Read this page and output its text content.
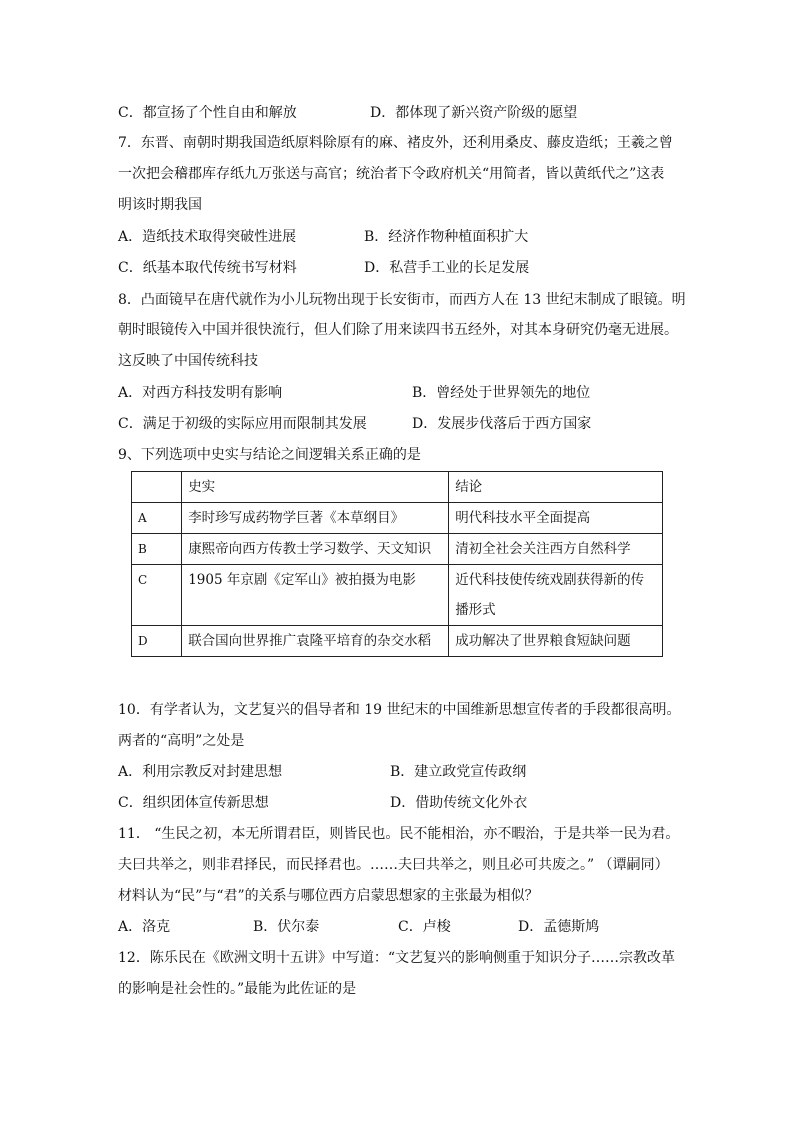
C．都宣扬了个性自由和解放	D．都体现了新兴资产阶级的愿望
7．东晋、南朝时期我国造纸原料除原有的麻、褚皮外，还利用桑皮、藤皮造纸；王羲之曾
一次把会稽郡库存纸九万张送与高官；统治者下令政府机关“用简者，皆以黄纸代之”这表
明该时期我国
A．造纸技术取得突破性进展	B．经济作物种植面积扩大
C．纸基本取代传统书写材料	D．私营手工业的长足发展
8．凸面镜早在唐代就作为小儿玩物出现于长安街市，而西方人在 13 世纪末制成了眼镜。明
朝时眼镜传入中国并很快流行，但人们除了用来读四书五经外，对其本身研究仍毫无进展。
这反映了中国传统科技
A．对西方科技发明有影响	B．曾经处于世界领先的地位
C．满足于初级的实际应用而限制其发展	D．发展步伐落后于西方国家
9、下列选项中史实与结论之间逻辑关系正确的是
	史实	结论
A	李时珍写成药物学巨著《本草纲目》	明代科技水平全面提高
B	康熙帝向西方传教士学习数学、天文知识	清初全社会关注西方自然科学
C	1905 年京剧《定军山》被拍摄为电影	近代科技使传统戏剧获得新的传播形式
D	联合国向世界推广袁隆平培育的杂交水稻	成功解决了世界粮食短缺问题
10．有学者认为，文艺复兴的倡导者和 19 世纪末的中国维新思想宣传者的手段都很高明。
两者的“高明”之处是
A．利用宗教反对封建思想	B．建立政党宣传政纲
C．组织团体宣传新思想	D．借助传统文化外衣
11． “生民之初，本无所谓君臣，则皆民也。民不能相治，亦不暇治，于是共举一民为君。
夫曰共举之，则非君择民，而民择君也。……夫曰共举之，则且必可共废之。” （谭嗣同）
材料认为“民”与“君”的关系与哪位西方启蒙思想家的主张最为相似？
A．洛克	B．伏尔泰	C．卢梭	D．孟德斯鸠
12．陈乐民在《欧洲文明十五讲》中写道：“文艺复兴的影响侧重于知识分子……宗教改革
的影响是社会性的。”最能为此佐证的是
